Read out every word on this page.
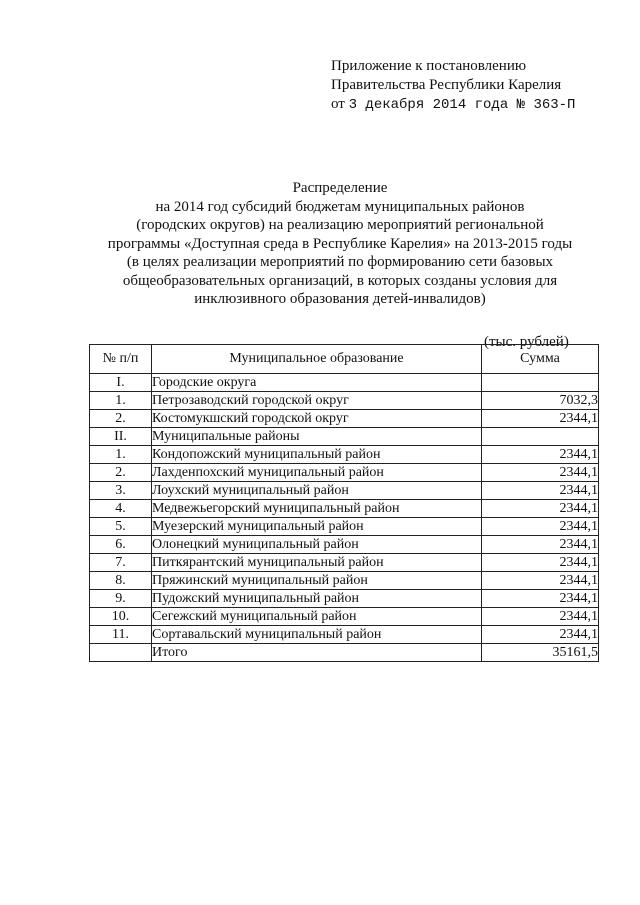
Приложение к постановлению
Правительства Республики Карелия
от 3 декабря 2014 года № 363-П
Распределение
на 2014 год субсидий бюджетам муниципальных районов
(городских округов) на реализацию мероприятий региональной
программы «Доступная среда в Республике Карелия» на 2013-2015 годы
(в целях реализации мероприятий по формированию сети базовых
общеобразовательных организаций, в которых созданы условия для
инклюзивного образования детей-инвалидов)
(тыс. рублей)
№ п/п	Муниципальное образование	Сумма
I.	Городские округа	
1.	Петрозаводский городской округ	7032,3
2.	Костомукшский городской округ	2344,1
II.	Муниципальные районы	
1.	Кондопожский муниципальный район	2344,1
2.	Лахденпохский муниципальный район	2344,1
3.	Лоухский муниципальный район	2344,1
4.	Медвежьегорский муниципальный район	2344,1
5.	Муезерский муниципальный район	2344,1
6.	Олонецкий муниципальный район	2344,1
7.	Питкярантский муниципальный район	2344,1
8.	Пряжинский муниципальный район	2344,1
9.	Пудожский муниципальный район	2344,1
10.	Сегежский муниципальный район	2344,1
11.	Сортавальский муниципальный район	2344,1
	Итого	35161,5
